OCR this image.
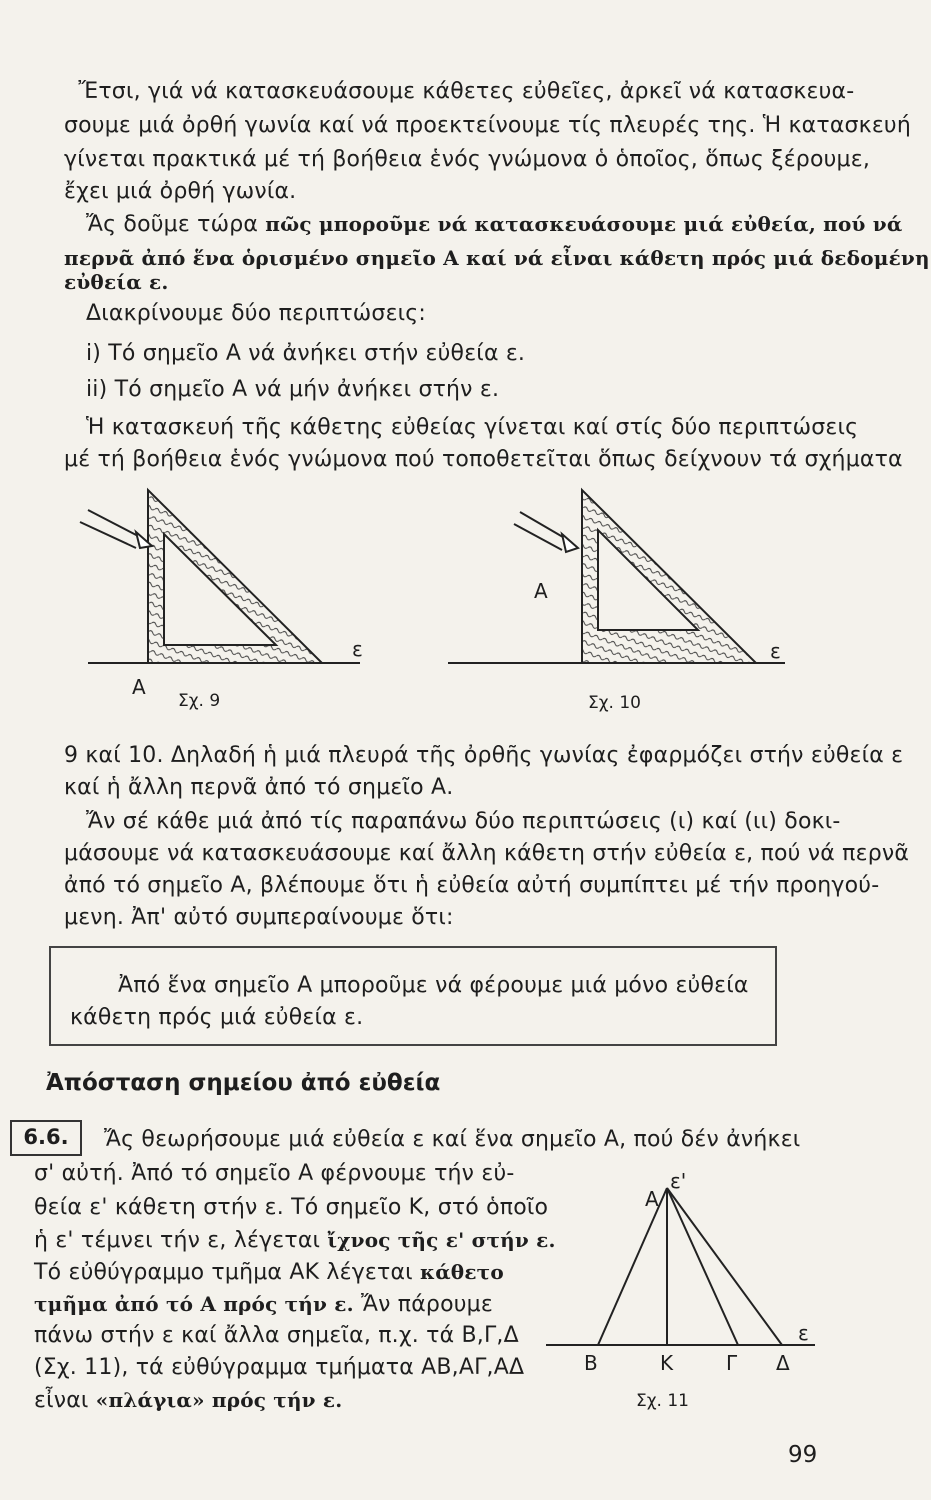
Ἔτσι, γιά νά κατασκευάσουμε κάθετες εὐθεῖες, ἀρκεῖ νά κατασκευα-
σουμε μιά ὀρθή γωνία καί νά προεκτείνουμε τίς πλευρές της. Ἡ κατασκευή
γίνεται πρακτικά μέ τή βοήθεια ἑνός γνώμονα ὁ ὁποῖος, ὅπως ξέρουμε,
ἔχει μιά ὀρθή γωνία.
Ἄς δοῦμε τώρα πῶς μποροῦμε νά κατασκευάσουμε μιά εὐθεία, πού νά
περνᾶ ἀπό ἕνα ὁρισμένο σημεῖο Α καί νά εἶναι κάθετη πρός μιά δεδομένη
εὐθεία ε.
Διακρίνουμε δύο περιπτώσεις:
i) Τό σημεῖο Α νά ἀνήκει στήν εὐθεία ε.
ii) Τό σημεῖο Α νά μήν ἀνήκει στήν ε.
Ἡ κατασκευή τῆς κάθετης εὐθείας γίνεται καί στίς δύο περιπτώσεις
μέ τή βοήθεια ἑνός γνώμονα πού τοποθετεῖται ὅπως δείχνουν τά σχήματα
Α
ε
Σχ. 9
Α
ε
Σχ. 10
9 καί 10. Δηλαδή ἡ μιά πλευρά τῆς ὀρθῆς γωνίας ἐφαρμόζει στήν εὐθεία ε
καί ἡ ἄλλη περνᾶ ἀπό τό σημεῖο Α.
Ἄν σέ κάθε μιά ἀπό τίς παραπάνω δύο περιπτώσεις (ι) καί (ιι) δοκι-
μάσουμε νά κατασκευάσουμε καί ἄλλη κάθετη στήν εὐθεία ε, πού νά περνᾶ
ἀπό τό σημεῖο Α, βλέπουμε ὅτι ἡ εὐθεία αὐτή συμπίπτει μέ τήν προηγού-
μενη. Ἀπ' αὐτό συμπεραίνουμε ὅτι:
Ἀπό ἕνα σημεῖο Α μποροῦμε νά φέρουμε μιά μόνο εὐθεία
κάθετη πρός μιά εὐθεία ε.
Ἀπόσταση σημείου ἀπό εὐθεία
6.6.	Ἄς θεωρήσουμε μιά εὐθεία ε καί ἕνα σημεῖο Α, πού δέν ἀνήκει
σ' αὐτή. Ἀπό τό σημεῖο Α φέρνουμε τήν εὐ-
θεία ε' κάθετη στήν ε. Τό σημεῖο Κ, στό ὁποῖο
ἡ ε' τέμνει τήν ε, λέγεται ἴχνος τῆς ε' στήν ε.
Τό εὐθύγραμμο τμῆμα ΑΚ λέγεται κάθετο
τμῆμα ἀπό τό Α πρός τήν ε. Ἄν πάρουμε
πάνω στήν ε καί ἄλλα σημεῖα, π.χ. τά Β,Γ,Δ
(Σχ. 11), τά εὐθύγραμμα τμήματα ΑΒ,ΑΓ,ΑΔ
εἶναι «πλάγια» πρός τήν ε.
Α
ε'
ε
Β	Κ	Γ Δ
Σχ. 11
99
